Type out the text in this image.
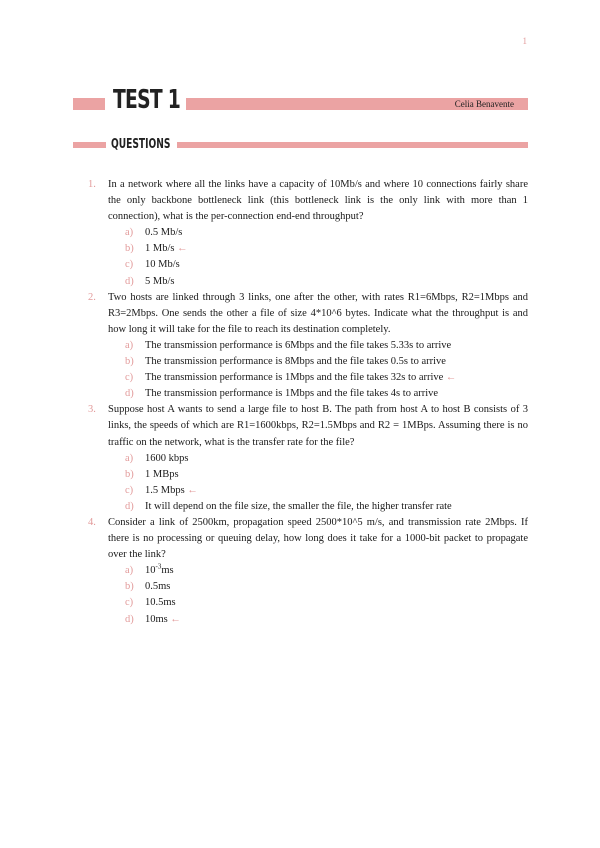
1
TEST 1	Celia Benavente
QUESTIONS
1. In a network where all the links have a capacity of 10Mb/s and where 10 connections fairly share the only backbone bottleneck link (this bottleneck link is the only link with more than 1 connection), what is the per-connection end-end throughput?
a) 0.5 Mb/s
b) 1 Mb/s ←
c) 10 Mb/s
d) 5 Mb/s
2. Two hosts are linked through 3 links, one after the other, with rates R1=6Mbps, R2=1Mbps and R3=2Mbps. One sends the other a file of size 4*10^6 bytes. Indicate what the throughput is and how long it will take for the file to reach its destination completely.
a) The transmission performance is 6Mbps and the file takes 5.33s to arrive
b) The transmission performance is 8Mbps and the file takes 0.5s to arrive
c) The transmission performance is 1Mbps and the file takes 32s to arrive ←
d) The transmission performance is 1Mbps and the file takes 4s to arrive
3. Suppose host A wants to send a large file to host B. The path from host A to host B consists of 3 links, the speeds of which are R1=1600kbps, R2=1.5Mbps and R2 = 1MBps. Assuming there is no traffic on the network, what is the transfer rate for the file?
a) 1600 kbps
b) 1 MBps
c) 1.5 Mbps ←
d) It will depend on the file size, the smaller the file, the higher transfer rate
4. Consider a link of 2500km, propagation speed 2500*10^5 m/s, and transmission rate 2Mbps. If there is no processing or queuing delay, how long does it take for a 1000-bit packet to propagate over the link?
a) $10^{-3}ms$
b) 0.5ms
c) 10.5ms
d) 10ms ←
